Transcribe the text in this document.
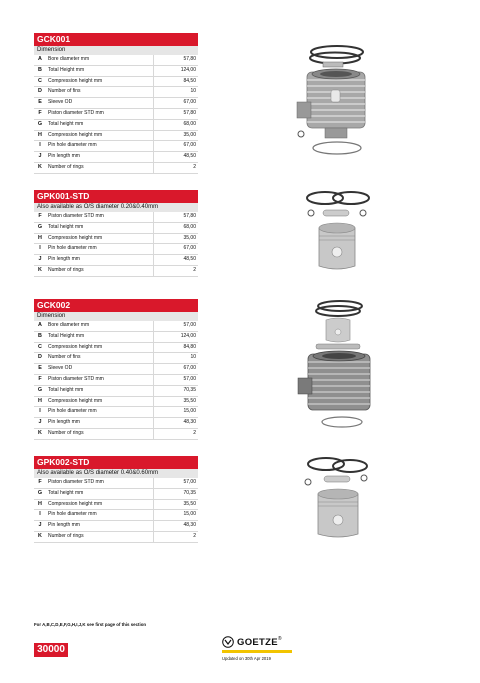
GCK001
Dimension
A	Bore diameter mm	57,80
B	Total Height mm	124,00
C	Compression height mm	84,50
D	Number of fins	10
E	Sleeve OD	67,00
F	Piston diameter STD mm	57,80
G	Total height mm	68,00
H	Compression height mm	35,00
I	Pin hole diameter mm	67,00
J	Pin length mm	48,50
K	Number of rings	2
GPK001-STD
Also available as O/S diameter 0.20&0.40mm
F	Piston diameter STD mm	57,80
G	Total height mm	68,00
H	Compression height mm	35,00
I	Pin hole diameter mm	67,00
J	Pin length mm	48,50
K	Number of rings	2
GCK002
Dimension
A	Bore diameter mm	57,00
B	Total Height mm	124,00
C	Compression height mm	84,80
D	Number of fins	10
E	Sleeve OD	67,00
F	Piston diameter STD mm	57,00
G	Total height mm	70,35
H	Compression height mm	35,50
I	Pin hole diameter mm	15,00
J	Pin length mm	48,30
K	Number of rings	2
GPK002-STD
Also available as O/S diameter 0.40&0.60mm
F	Piston diameter STD mm	57,00
G	Total height mm	70,35
H	Compression height mm	35,50
I	Pin hole diameter mm	15,00
J	Pin length mm	48,30
K	Number of rings	2
For A,B,C,D,E,F,G,H,I,J,K see first page of this section
30000
GOETZE ®
Updated on 30th Apr 2019
